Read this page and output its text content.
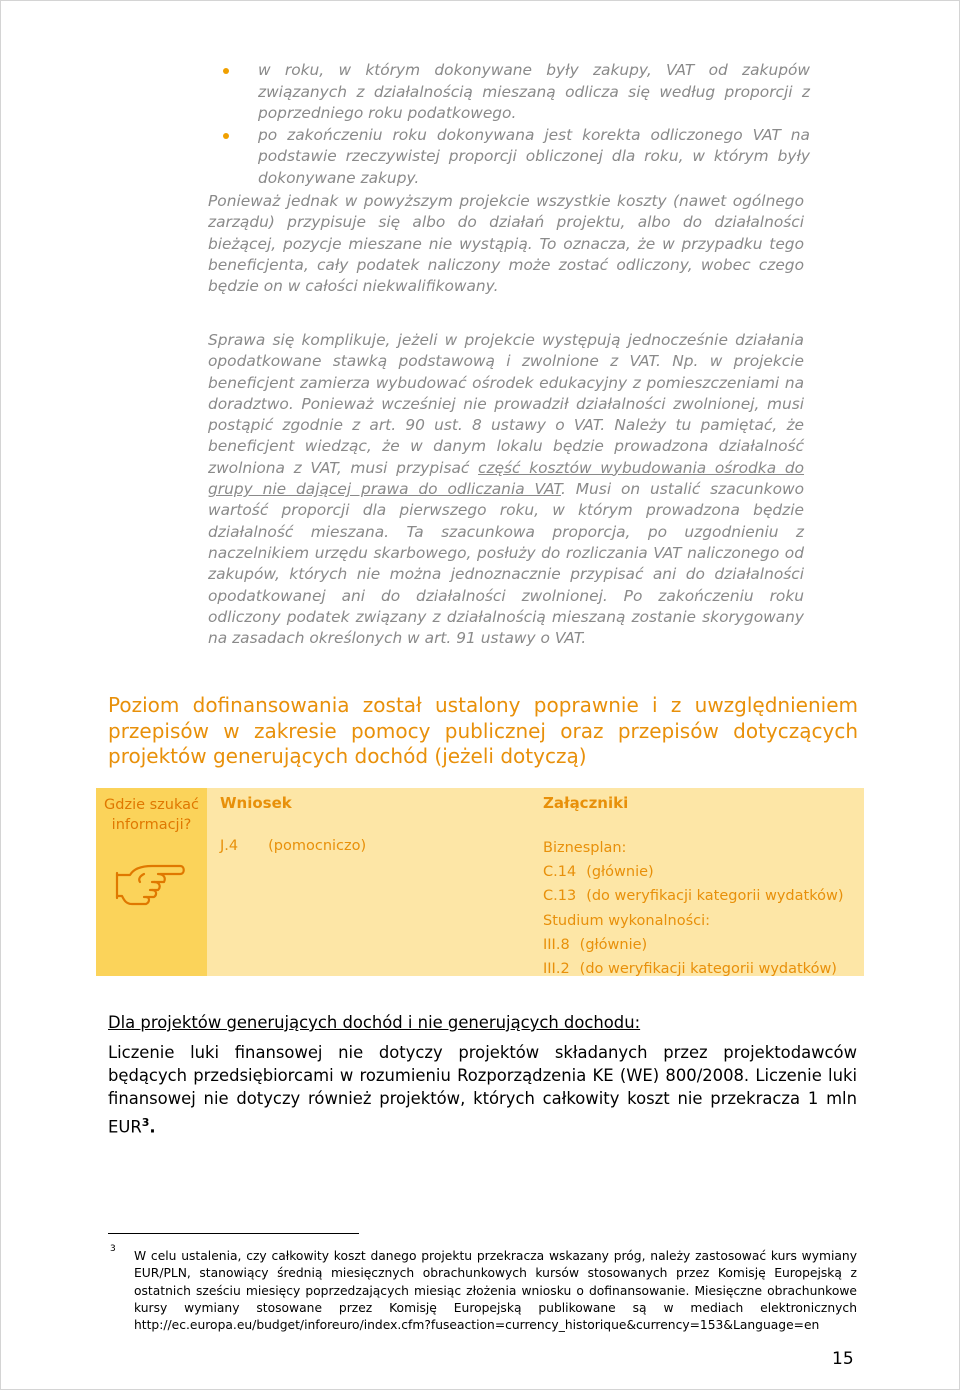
w roku, w którym dokonywane były zakupy, VAT od zakupów związanych z działalnością mieszaną odlicza się według proporcji z poprzedniego roku podatkowego.
po zakończeniu roku dokonywana jest korekta odliczonego VAT na podstawie rzeczywistej proporcji obliczonej dla roku, w którym były dokonywane zakupy.
Ponieważ jednak w powyższym projekcie wszystkie koszty (nawet ogólnego zarządu) przypisuje się albo do działań projektu, albo do działalności bieżącej, pozycje mieszane nie wystąpią. To oznacza, że w przypadku tego beneficjenta, cały podatek naliczony może zostać odliczony, wobec czego będzie on w całości niekwalifikowany.
Sprawa się komplikuje, jeżeli w projekcie występują jednocześnie działania opodatkowane stawką podstawową i zwolnione z VAT. Np. w projekcie beneficjent zamierza wybudować ośrodek edukacyjny z pomieszczeniami na doradztwo. Ponieważ wcześniej nie prowadził działalności zwolnionej, musi postąpić zgodnie z art. 90 ust. 8 ustawy o VAT. Należy tu pamiętać, że beneficjent wiedząc, że w danym lokalu będzie prowadzona działalność zwolniona z VAT, musi przypisać część kosztów wybudowania ośrodka do grupy nie dającej prawa do odliczania VAT. Musi on ustalić szacunkowo wartość proporcji dla pierwszego roku, w którym prowadzona będzie działalność mieszana. Ta szacunkowa proporcja, po uzgodnieniu z naczelnikiem urzędu skarbowego, posłuży do rozliczania VAT naliczonego od zakupów, których nie można jednoznacznie przypisać ani do działalności opodatkowanej ani do działalności zwolnionej. Po zakończeniu roku odliczony podatek związany z działalnością mieszaną zostanie skorygowany na zasadach określonych w art. 91 ustawy o VAT.
Poziom dofinansowania został ustalony poprawnie i z uwzględnieniem przepisów w zakresie pomocy publicznej oraz przepisów dotyczących projektów generujących dochód (jeżeli dotyczą)
Gdzie szukać informacji?
Wniosek	Załączniki
J.4 (pomocniczo)	Biznesplan:
C.14 (głównie)
C.13 (do weryfikacji kategorii wydatków)
Studium wykonalności:
III.8 (głównie)
III.2 (do weryfikacji kategorii wydatków)
Dla projektów generujących dochód i nie generujących dochodu:
Liczenie luki finansowej nie dotyczy projektów składanych przez projektodawców będących przedsiębiorcami w rozumieniu Rozporządzenia KE (WE) 800/2008. Liczenie luki finansowej nie dotyczy również projektów, których całkowity koszt nie przekracza 1 mln EUR$^3$.
3 W celu ustalenia, czy całkowity koszt danego projektu przekracza wskazany próg, należy zastosować kurs wymiany EUR/PLN, stanowiący średnią miesięcznych obrachunkowych kursów stosowanych przez Komisję Europejską z ostatnich sześciu miesięcy poprzedzających miesiąc złożenia wniosku o dofinansowanie. Miesięczne obrachunkowe kursy wymiany stosowane przez Komisję Europejską publikowane są w mediach elektronicznych http://ec.europa.eu/budget/inforeuro/index.cfm?fuseaction=currency_historique&currency=153&Language=en
15
